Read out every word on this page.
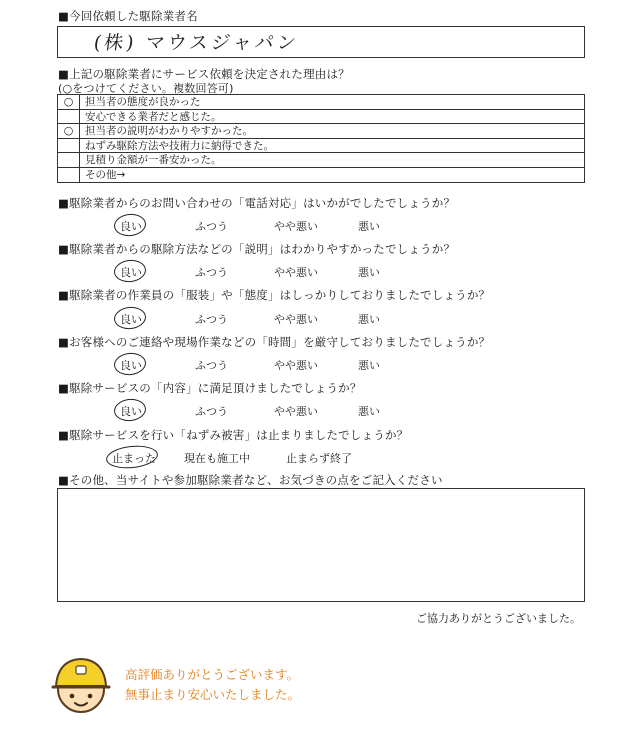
■今回依頼した駆除業者名
(株) マウスジャパン
■上記の駆除業者にサービス依頼を決定された理由は？
(○をつけてください。複数回答可)
○	担当者の態度が良かった
安心できる業者だと感じた。
○	担当者の説明がわかりやすかった。
ねずみ駆除方法や技術力に納得できた。
見積り金額が一番安かった。
その他→
■駆除業者からのお問い合わせの「電話対応」はいかがでしたでしょうか？
良い	ふつう	やや悪い	悪い
■駆除業者からの駆除方法などの「説明」はわかりやすかったでしょうか？
良い	ふつう	やや悪い	悪い
■駆除業者の作業員の「服装」や「態度」はしっかりしておりましたでしょうか？
良い	ふつう	やや悪い	悪い
■お客様へのご連絡や現場作業などの「時間」を厳守しておりましたでしょうか？
良い	ふつう	やや悪い	悪い
■駆除サービスの「内容」に満足頂けましたでしょうか？
良い	ふつう	やや悪い	悪い
■駆除サービスを行い「ねずみ被害」は止まりましたでしょうか？
止まった	現在も施工中	止まらず終了
■その他、当サイトや参加駆除業者など、お気づきの点をご記入ください
ご協力ありがとうございました。
高評価ありがとうございます。
無事止まり安心いたしました。
